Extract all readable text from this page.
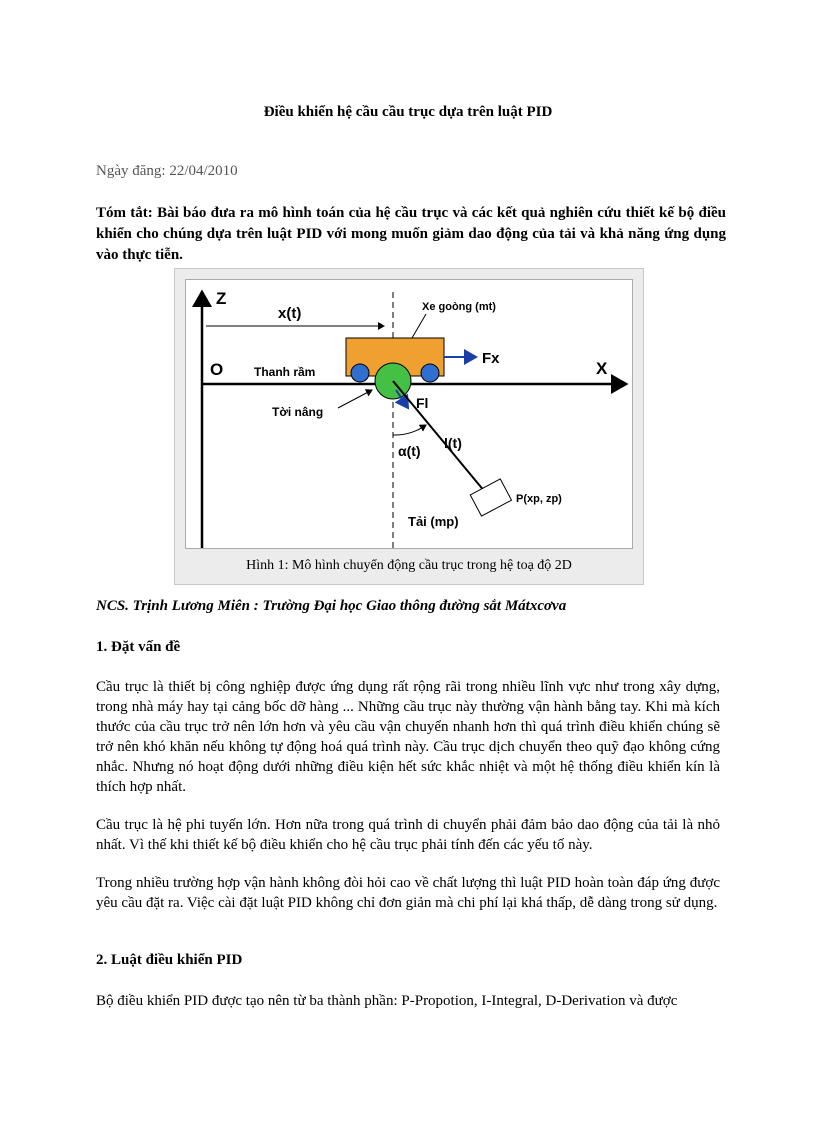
Điều khiển hệ cầu cầu trục dựa trên luật PID
Ngày đăng: 22/04/2010
Tóm tắt: Bài báo đưa ra mô hình toán của hệ cầu trục và các kết quả nghiên cứu thiết kế bộ điều khiển cho chúng dựa trên luật PID với mong muốn giảm dao động của tải và khả năng ứng dụng vào thực tiễn.
Z
X
O
x(t)	Xe goòng (mt)
Fx
Thanh rầm
Tời nâng
Fl
l(t)
α(t)
P(xp, zp)
Tải (mp)
Hình 1: Mô hình chuyển động cầu trục trong hệ toạ độ 2D
NCS. Trịnh Lương Miên : Trường Đại học Giao thông đường sắt Mátxcơva
1. Đặt vấn đề
Cầu trục là thiết bị công nghiệp được ứng dụng rất rộng rãi trong nhiều lĩnh vực như trong xây dựng, trong nhà máy hay tại cảng bốc dỡ hàng ... Những cầu trục này thường vận hành bằng tay. Khi mà kích thước của cầu trục trở nên lớn hơn và yêu cầu vận chuyển nhanh hơn thì quá trình điều khiển chúng sẽ trở nên khó khăn nếu không tự động hoá quá trình này. Cầu trục dịch chuyển theo quỹ đạo không cứng nhắc. Nhưng nó hoạt động dưới những điều kiện hết sức khắc nhiệt và một hệ thống điều khiển kín là thích hợp nhất.
Cầu trục là hệ phi tuyến lớn. Hơn nữa trong quá trình di chuyển phải đảm bảo dao động của tải là nhỏ nhất. Vì thế khi thiết kế bộ điều khiển cho hệ cầu trục phải tính đến các yếu tố này.
Trong nhiều trường hợp vận hành không đòi hỏi cao về chất lượng thì luật PID hoàn toàn đáp ứng được yêu cầu đặt ra. Việc cài đặt luật PID không chỉ đơn giản mà chi phí lại khá thấp, dễ dàng trong sử dụng.
2. Luật điều khiển PID
Bộ điều khiển PID được tạo nên từ ba thành phần: P-Propotion, I-Integral, D-Derivation và được
